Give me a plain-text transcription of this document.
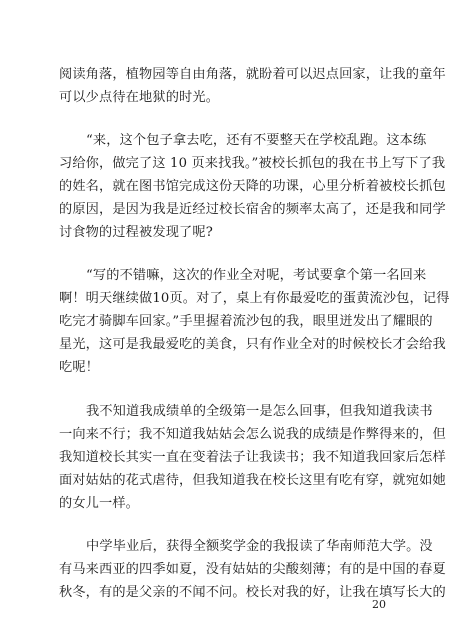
阅读角落，植物园等自由角落，就盼着可以迟点回家，让我的童年
可以少点待在地狱的时光。
“来，这个包子拿去吃，还有不要整天在学校乱跑。这本练
习给你，做完了这 10 页来找我。”被校长抓包的我在书上写下了我
的姓名，就在图书馆完成这份天降的功课，心里分析着被校长抓包
的原因，是因为我是近经过校长宿舍的频率太高了，还是我和同学
讨食物的过程被发现了呢?
“写的不错嘛，这次的作业全对呢，考试要拿个第一名回来
啊！明天继续做10页。对了，桌上有你最爱吃的蛋黄流沙包，记得
吃完才骑脚车回家。”手里握着流沙包的我，眼里迸发出了耀眼的
星光，这可是我最爱吃的美食，只有作业全对的时候校长才会给我
吃呢！
我不知道我成绩单的全级第一是怎么回事，但我知道我读书
一向来不行；我不知道我姑姑会怎么说我的成绩是作弊得来的，但
我知道校长其实一直在变着法子让我读书；我不知道我回家后怎样
面对姑姑的花式虐待，但我知道我在校长这里有吃有穿，就宛如她
的女儿一样。
中学毕业后，获得全额奖学金的我报读了华南师范大学。没
有马来西亚的四季如夏，没有姑姑的尖酸刻薄；有的是中国的春夏
秋冬，有的是父亲的不闻不问。校长对我的好，让我在填写长大的
20
